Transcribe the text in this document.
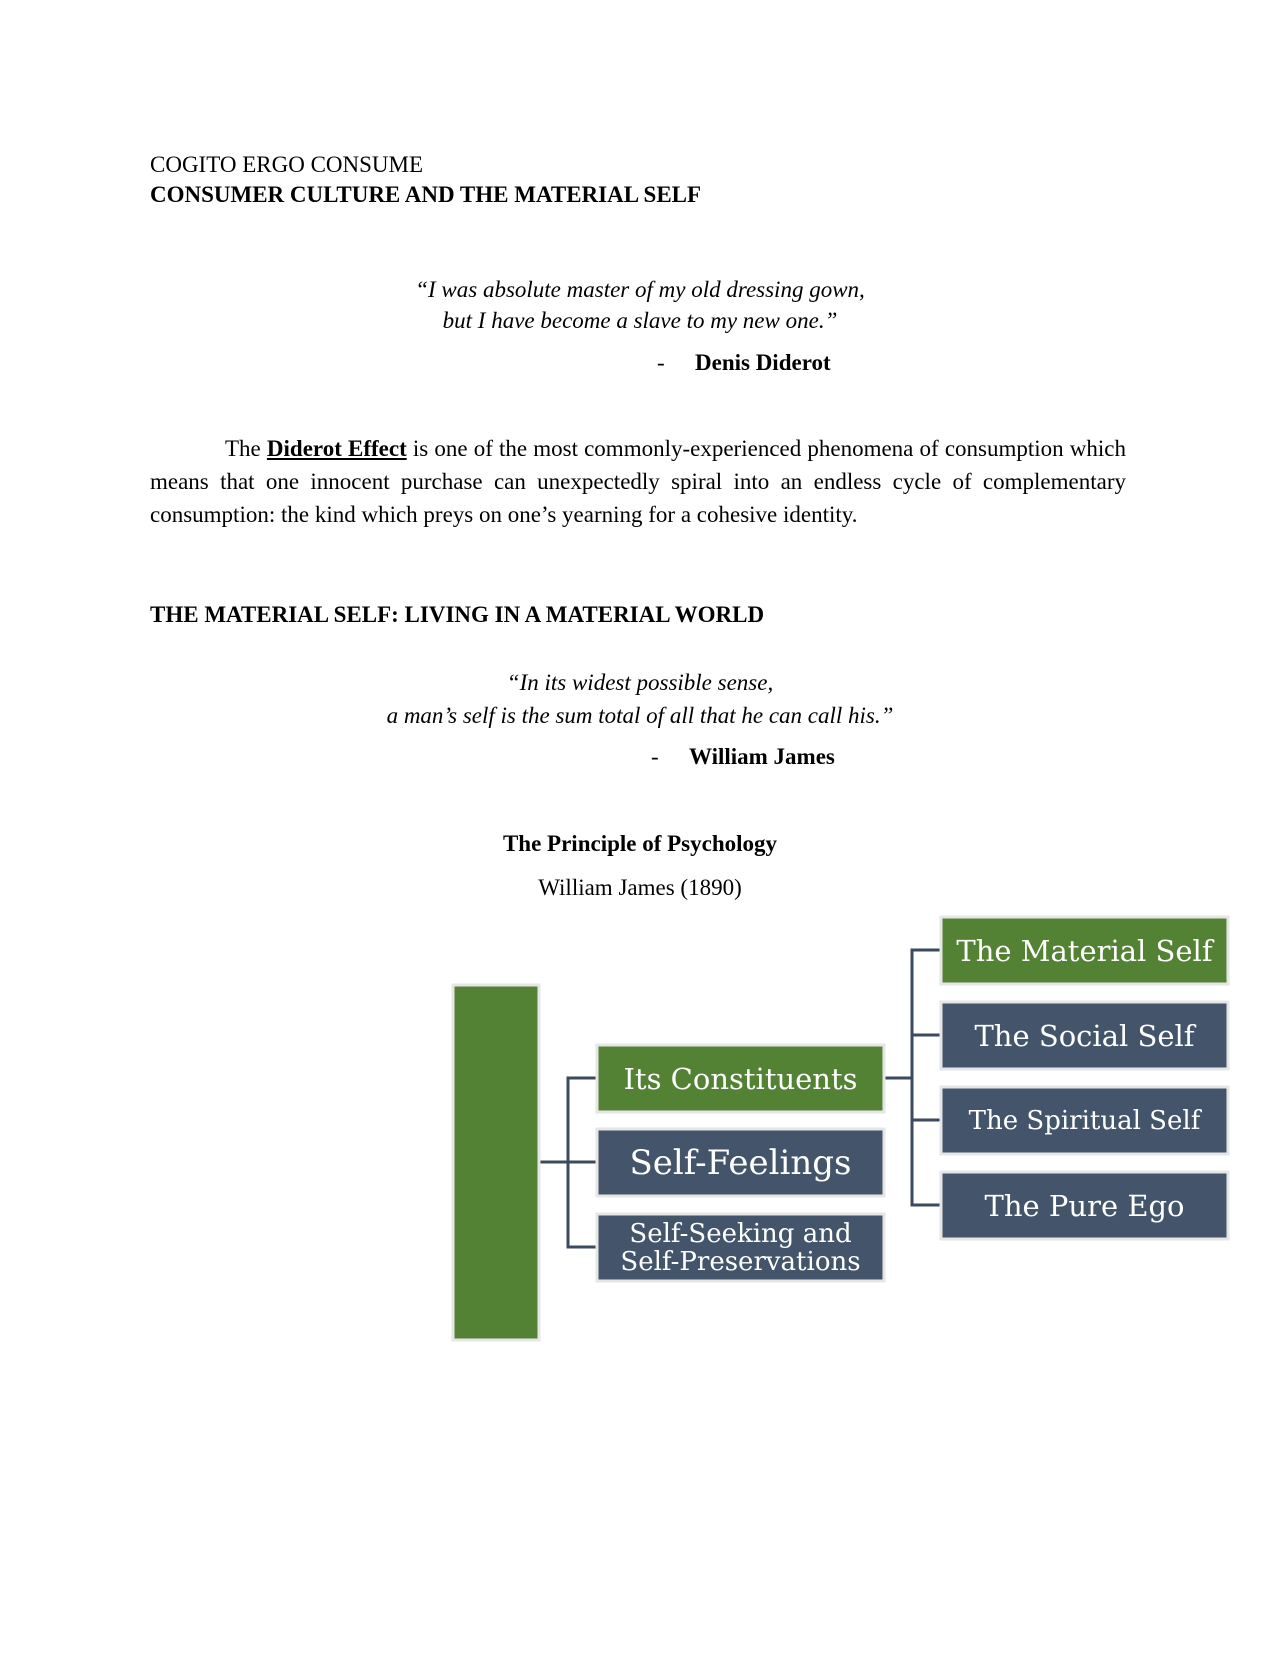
COGITO ERGO CONSUME
CONSUMER CULTURE AND THE MATERIAL SELF
“I was absolute master of my old dressing gown,
but I have become a slave to my new one.”
- Denis Diderot
The Diderot Effect is one of the most commonly-experienced phenomena of consumption which means that one innocent purchase can unexpectedly spiral into an endless cycle of complementary consumption: the kind which preys on one’s yearning for a cohesive identity.
THE MATERIAL SELF: LIVING IN A MATERIAL WORLD
“In its widest possible sense,
a man’s self is the sum total of all that he can call his.”
- William James
The Principle of Psychology
William James (1890)
Its Constituents
Self-Feelings
Self-Seeking and
Self-Preservations
The Material Self
The Social Self
The Spiritual Self
The Pure Ego
